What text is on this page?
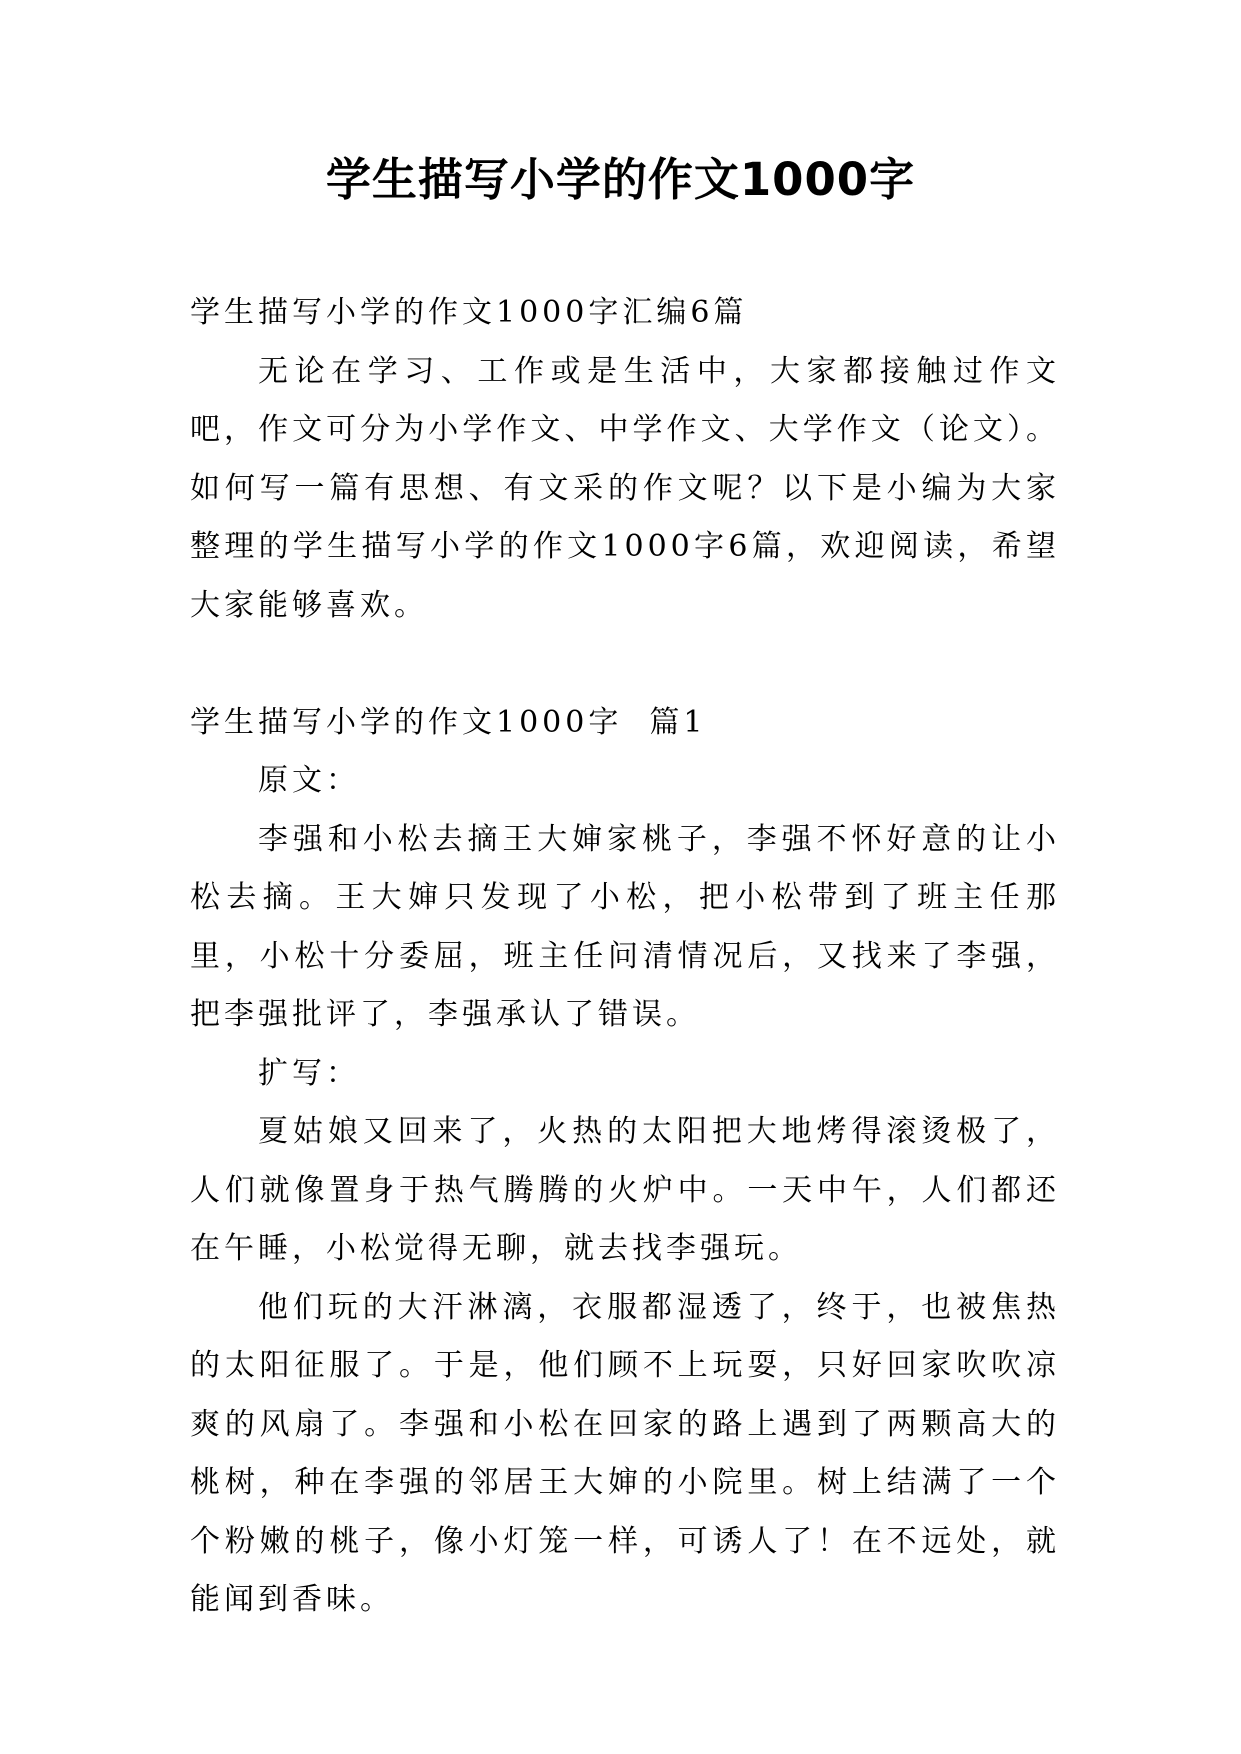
学生描写小学的作文1000字

学生描写小学的作文1000字汇编6篇

无论在学习、工作或是生活中，大家都接触过作文吧，作文可分为小学作文、中学作文、大学作文（论文）。如何写一篇有思想、有文采的作文呢？以下是小编为大家整理的学生描写小学的作文1000字6篇，欢迎阅读，希望大家能够喜欢。

学生描写小学的作文1000字  篇1

原文：

李强和小松去摘王大婶家桃子，李强不怀好意的让小松去摘。王大婶只发现了小松，把小松带到了班主任那里，小松十分委屈，班主任问清情况后，又找来了李强，把李强批评了，李强承认了错误。

扩写：

夏姑娘又回来了，火热的太阳把大地烤得滚烫极了，人们就像置身于热气腾腾的火炉中。一天中午，人们都还在午睡，小松觉得无聊，就去找李强玩。

他们玩的大汗淋漓，衣服都湿透了，终于，也被焦热的太阳征服了。于是，他们顾不上玩耍，只好回家吹吹凉爽的风扇了。李强和小松在回家的路上遇到了两颗高大的桃树，种在李强的邻居王大婶的小院里。树上结满了一个个粉嫩的桃子，像小灯笼一样，可诱人了！在不远处，就能闻到香味。
